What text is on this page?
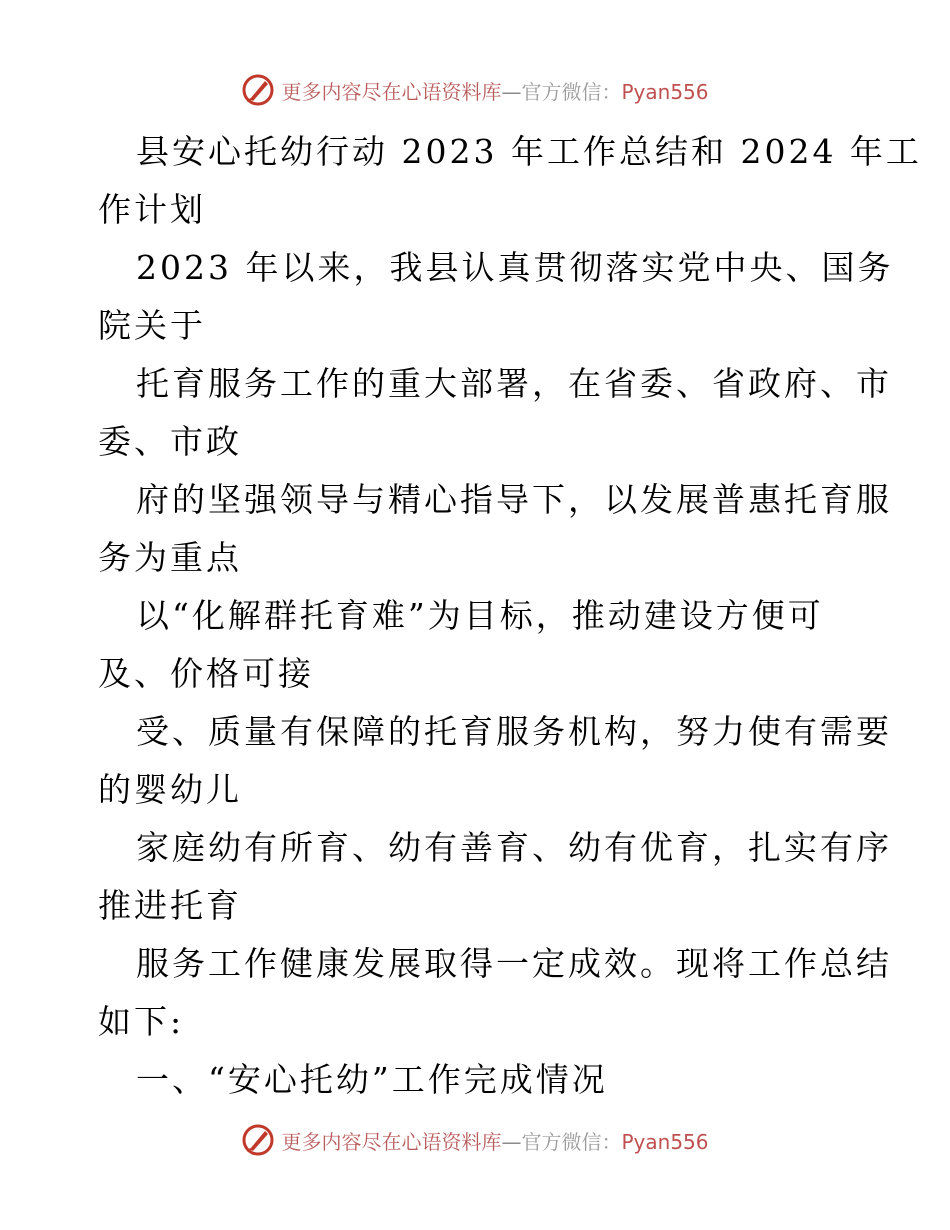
更多内容尽在心语资料库—官方微信：Pyan556
县安心托幼行动 2023 年工作总结和 2024 年工
作计划
2023 年以来，我县认真贯彻落实党中央、国务
院关于
托育服务工作的重大部署，在省委、省政府、市
委、市政
府的坚强领导与精心指导下，以发展普惠托育服
务为重点
以“化解群托育难”为目标，推动建设方便可
及、价格可接
受、质量有保障的托育服务机构，努力使有需要
的婴幼儿
家庭幼有所育、幼有善育、幼有优育，扎实有序
推进托育
服务工作健康发展取得一定成效。现将工作总结
如下:
一、“安心托幼”工作完成情况
更多内容尽在心语资料库—官方微信：Pyan556
